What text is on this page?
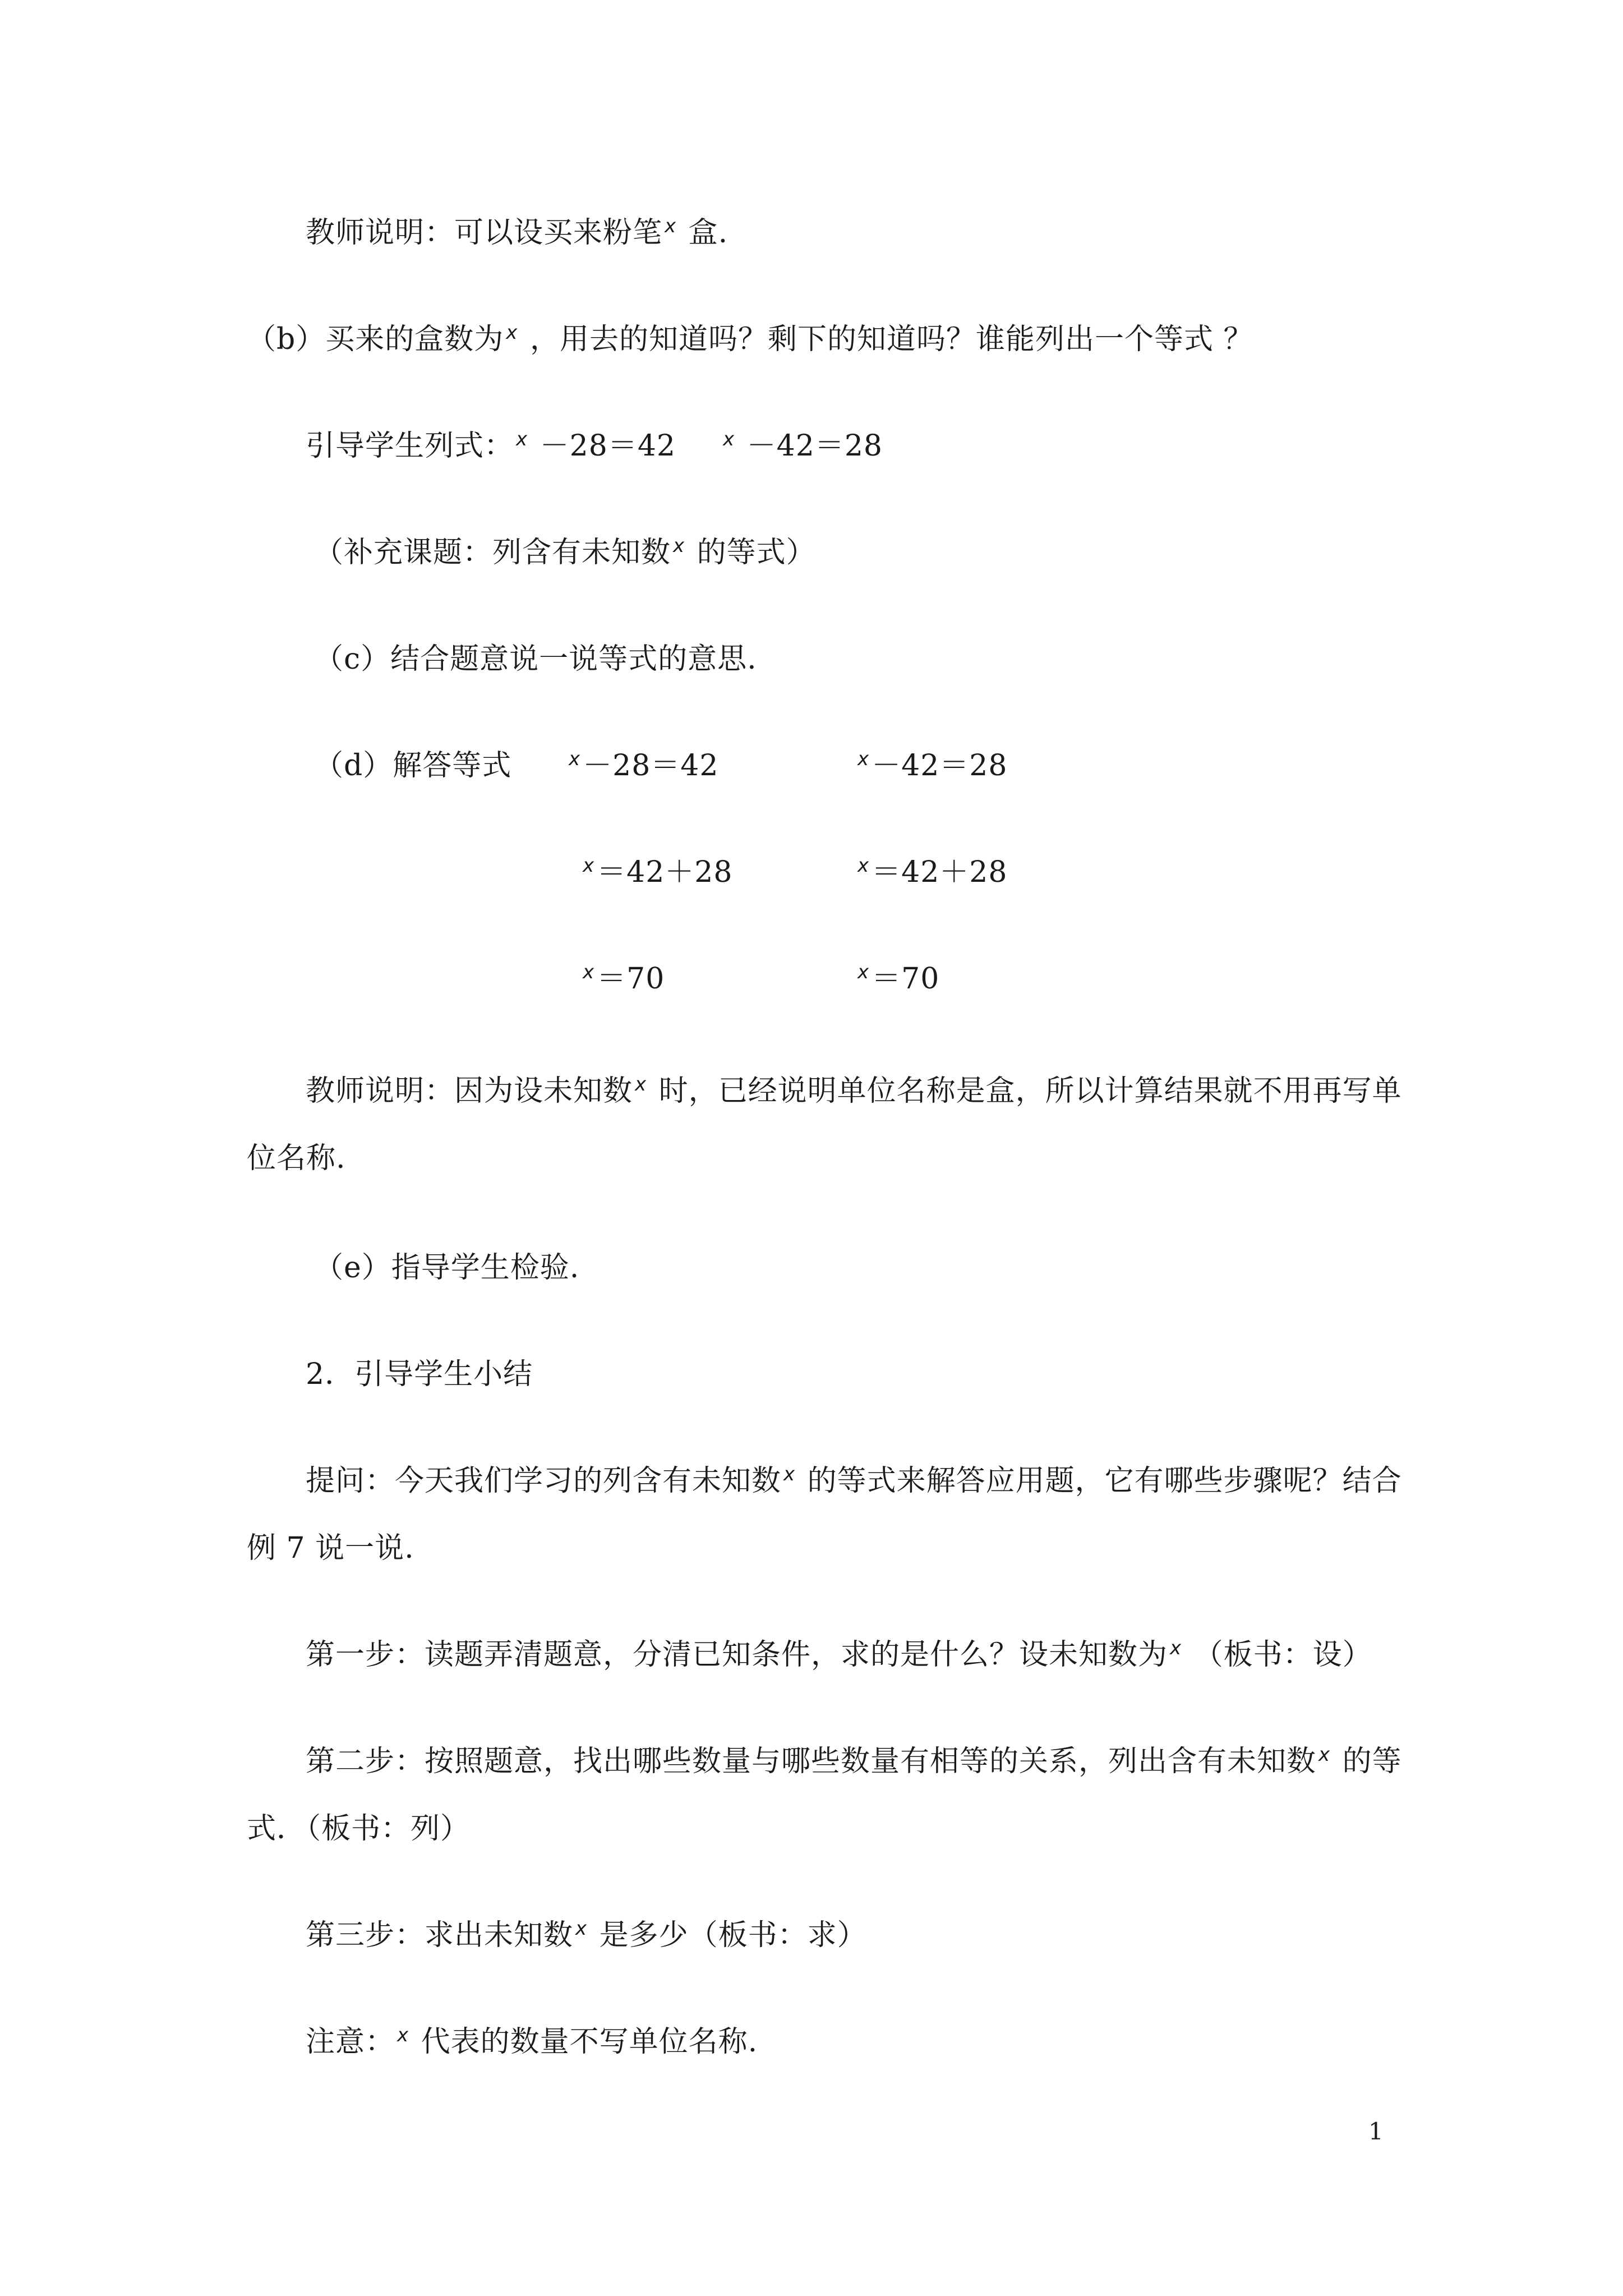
教师说明：可以设买来粉笔 x 盒.
（b）买来的盒数为 x ，用去的知道吗？剩下的知道吗？谁能列出一个等式 ？
引导学生列式： x －28＝42 x －42＝28
（补充课题：列含有未知数 x 的等式）
（c）结合题意说一说等式的意思.
（d）解答等式	x－28＝42	x－42＝28
x＝42＋28	x＝42＋28
x＝70	x＝70
教师说明：因为设未知数 x 时，已经说明单位名称是盒，所以计算结果就不用再写单
位名称.
（e）指导学生检验.
2．引导学生小结
提问：今天我们学习的列含有未知数 x 的等式来解答应用题，它有哪些步骤呢？结合
例 7 说一说.
第一步：读题弄清题意，分清已知条件，求的是什么？设未知数为 x （板书：设）
第二步：按照题意，找出哪些数量与哪些数量有相等的关系，列出含有未知数 x 的等
式．（板书：列）
第三步：求出未知数 x 是多少（板书：求）
注意： x 代表的数量不写单位名称.
1
